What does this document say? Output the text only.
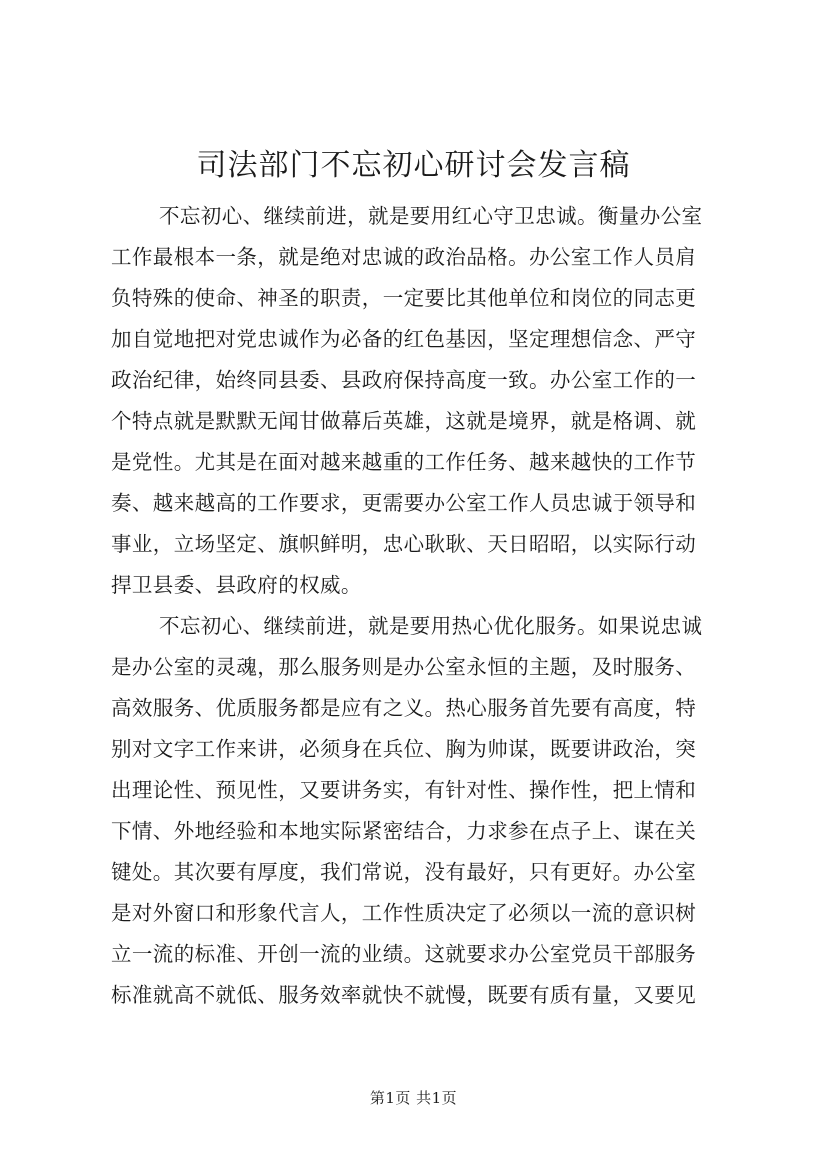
司法部门不忘初心研讨会发言稿
不忘初心、继续前进，就是要用红心守卫忠诚。衡量办公室
工作最根本一条，就是绝对忠诚的政治品格。办公室工作人员肩
负特殊的使命、神圣的职责，一定要比其他单位和岗位的同志更
加自觉地把对党忠诚作为必备的红色基因，坚定理想信念、严守
政治纪律，始终同县委、县政府保持高度一致。办公室工作的一
个特点就是默默无闻甘做幕后英雄，这就是境界，就是格调、就
是党性。尤其是在面对越来越重的工作任务、越来越快的工作节
奏、越来越高的工作要求，更需要办公室工作人员忠诚于领导和
事业，立场坚定、旗帜鲜明，忠心耿耿、天日昭昭，以实际行动
捍卫县委、县政府的权威。
不忘初心、继续前进，就是要用热心优化服务。如果说忠诚
是办公室的灵魂，那么服务则是办公室永恒的主题，及时服务、
高效服务、优质服务都是应有之义。热心服务首先要有高度，特
别对文字工作来讲，必须身在兵位、胸为帅谋，既要讲政治，突
出理论性、预见性，又要讲务实，有针对性、操作性，把上情和
下情、外地经验和本地实际紧密结合，力求参在点子上、谋在关
键处。其次要有厚度，我们常说，没有最好，只有更好。办公室
是对外窗口和形象代言人，工作性质决定了必须以一流的意识树
立一流的标准、开创一流的业绩。这就要求办公室党员干部服务
标准就高不就低、服务效率就快不就慢，既要有质有量，又要见
第1页 共1页
